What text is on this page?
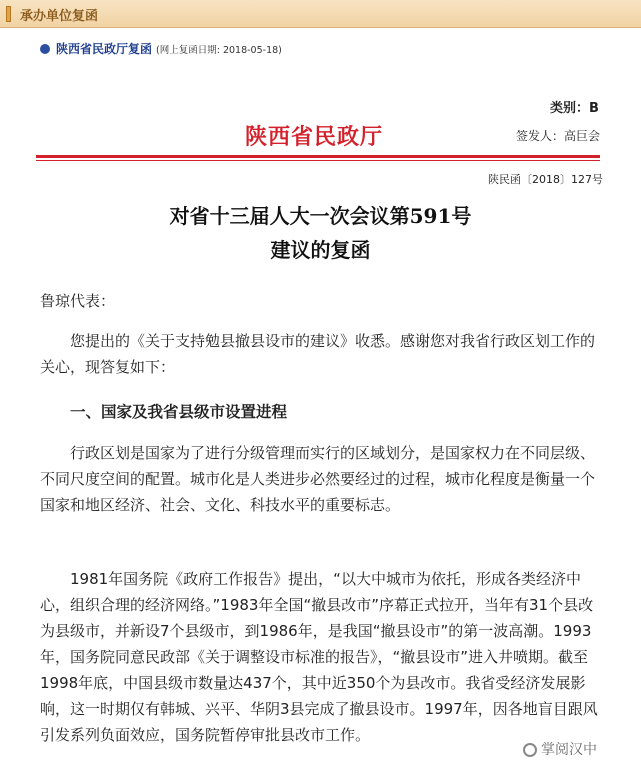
承办单位复函
陕西省民政厅复函 (网上复函日期: 2018-05-18)
类别：B
陕西省民政厅	签发人：高巨会
陕民函〔2018〕127号
对省十三届人大一次会议第591号
建议的复函
鲁琼代表：
您提出的《关于支持勉县撤县设市的建议》收悉。感谢您对我省行政区划工作的关心，现答复如下：
一、国家及我省县级市设置进程
行政区划是国家为了进行分级管理而实行的区域划分，是国家权力在不同层级、不同尺度空间的配置。城市化是人类进步必然要经过的过程，城市化程度是衡量一个国家和地区经济、社会、文化、科技水平的重要标志。
1981年国务院《政府工作报告》提出，“以大中城市为依托，形成各类经济中心，组织合理的经济网络。”1983年全国“撤县改市”序幕正式拉开，当年有31个县改为县级市，并新设7个县级市，到1986年，是我国“撤县设市”的第一波高潮。1993年，国务院同意民政部《关于调整设市标准的报告》，“撤县设市”进入井喷期。截至1998年底，中国县级市数量达437个，其中近350个为县改市。我省受经济发展影响，这一时期仅有韩城、兴平、华阴3县完成了撤县设市。1997年，因各地盲目跟风引发系列负面效应，国务院暂停审批县改市工作。
掌阅汉中
